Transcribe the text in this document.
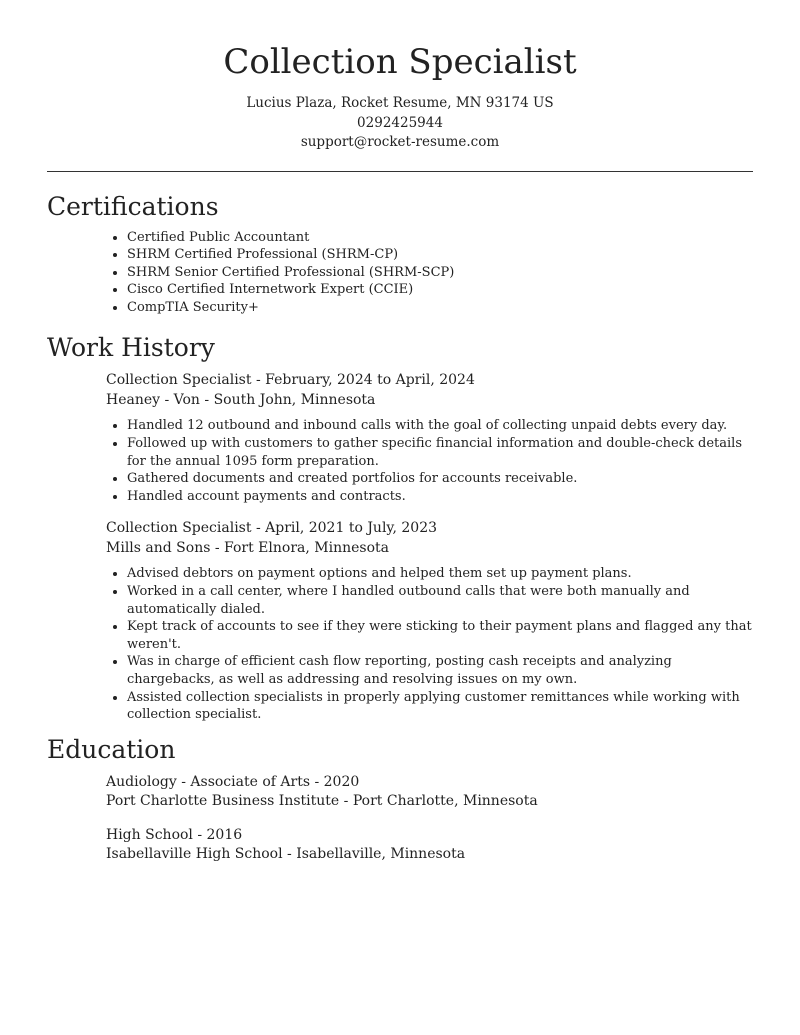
Collection Specialist
Lucius Plaza, Rocket Resume, MN 93174 US
0292425944
support@rocket-resume.com
Certifications
• Certified Public Accountant
• SHRM Certified Professional (SHRM-CP)
• SHRM Senior Certified Professional (SHRM-SCP)
• Cisco Certified Internetwork Expert (CCIE)
• CompTIA Security+
Work History
Collection Specialist - February, 2024 to April, 2024
Heaney - Von - South John, Minnesota
• Handled 12 outbound and inbound calls with the goal of collecting unpaid debts every day.
• Followed up with customers to gather specific financial information and double-check details for the annual 1095 form preparation.
• Gathered documents and created portfolios for accounts receivable.
• Handled account payments and contracts.
Collection Specialist - April, 2021 to July, 2023
Mills and Sons - Fort Elnora, Minnesota
• Advised debtors on payment options and helped them set up payment plans.
• Worked in a call center, where I handled outbound calls that were both manually and automatically dialed.
• Kept track of accounts to see if they were sticking to their payment plans and flagged any that weren't.
• Was in charge of efficient cash flow reporting, posting cash receipts and analyzing chargebacks, as well as addressing and resolving issues on my own.
• Assisted collection specialists in properly applying customer remittances while working with collection specialist.
Education
Audiology - Associate of Arts - 2020
Port Charlotte Business Institute - Port Charlotte, Minnesota
High School - 2016
Isabellaville High School - Isabellaville, Minnesota
